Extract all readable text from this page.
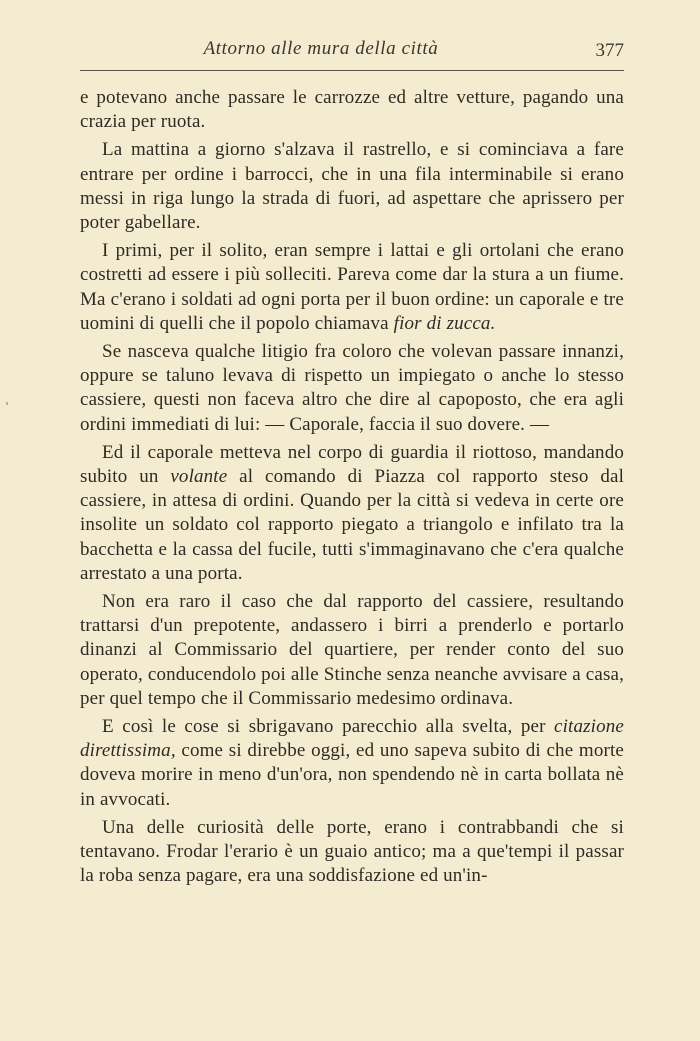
Attorno alle mura della città	377

e potevano anche passare le carrozze ed altre vetture, pagando una crazia per ruota.

La mattina a giorno s'alzava il rastrello, e si cominciava a fare entrare per ordine i barrocci, che in una fila interminabile si erano messi in riga lungo la strada di fuori, ad aspettare che aprissero per poter gabellare.

I primi, per il solito, eran sempre i lattai e gli ortolani che erano costretti ad essere i più solleciti. Pareva come dar la stura a un fiume. Ma c'erano i soldati ad ogni porta per il buon ordine: un caporale e tre uomini di quelli che il popolo chiamava fior di zucca.

Se nasceva qualche litigio fra coloro che volevan passare innanzi, oppure se taluno levava di rispetto un impiegato o anche lo stesso cassiere, questi non faceva altro che dire al capoposto, che era agli ordini immediati di lui: — Caporale, faccia il suo dovere. —

Ed il caporale metteva nel corpo di guardia il riottoso, mandando subito un volante al comando di Piazza col rapporto steso dal cassiere, in attesa di ordini. Quando per la città si vedeva in certe ore insolite un soldato col rapporto piegato a triangolo e infilato tra la bacchetta e la cassa del fucile, tutti s'immaginavano che c'era qualche arrestato a una porta.

Non era raro il caso che dal rapporto del cassiere, resultando trattarsi d'un prepotente, andassero i birri a prenderlo e portarlo dinanzi al Commissario del quartiere, per render conto del suo operato, conducendolo poi alle Stinche senza neanche avvisare a casa, per quel tempo che il Commissario medesimo ordinava.

E così le cose si sbrigavano parecchio alla svelta, per citazione direttissima, come si direbbe oggi, ed uno sapeva subito di che morte doveva morire in meno d'un'ora, non spendendo nè in carta bollata nè in avvocati.

Una delle curiosità delle porte, erano i contrabbandi che si tentavano. Frodar l'erario è un guaio antico; ma a que'tempi il passar la roba senza pagare, era una soddisfazione ed un'in-
